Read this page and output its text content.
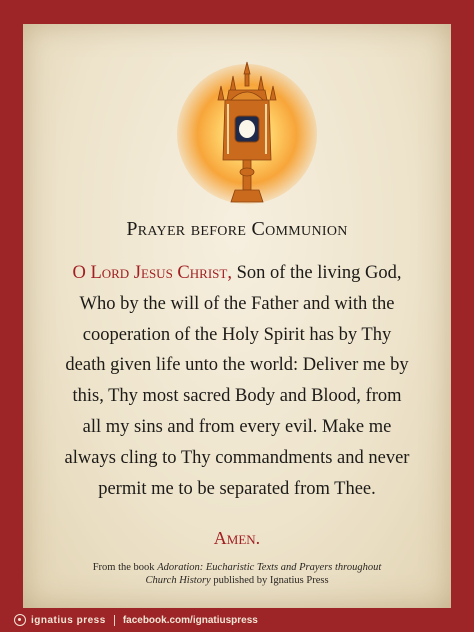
Prayer before Communion
O Lord Jesus Christ, Son of the living God,
Who by the will of the Father and with the
cooperation of the Holy Spirit has by Thy
death given life unto the world: Deliver me by
this, Thy most sacred Body and Blood, from
all my sins and from every evil. Make me
always cling to Thy commandments and never
permit me to be separated from Thee.
Amen.
From the book Adoration: Eucharistic Texts and Prayers throughout
Church History published by Ignatius Press
ignatius press facebook.com/ignatiuspress
